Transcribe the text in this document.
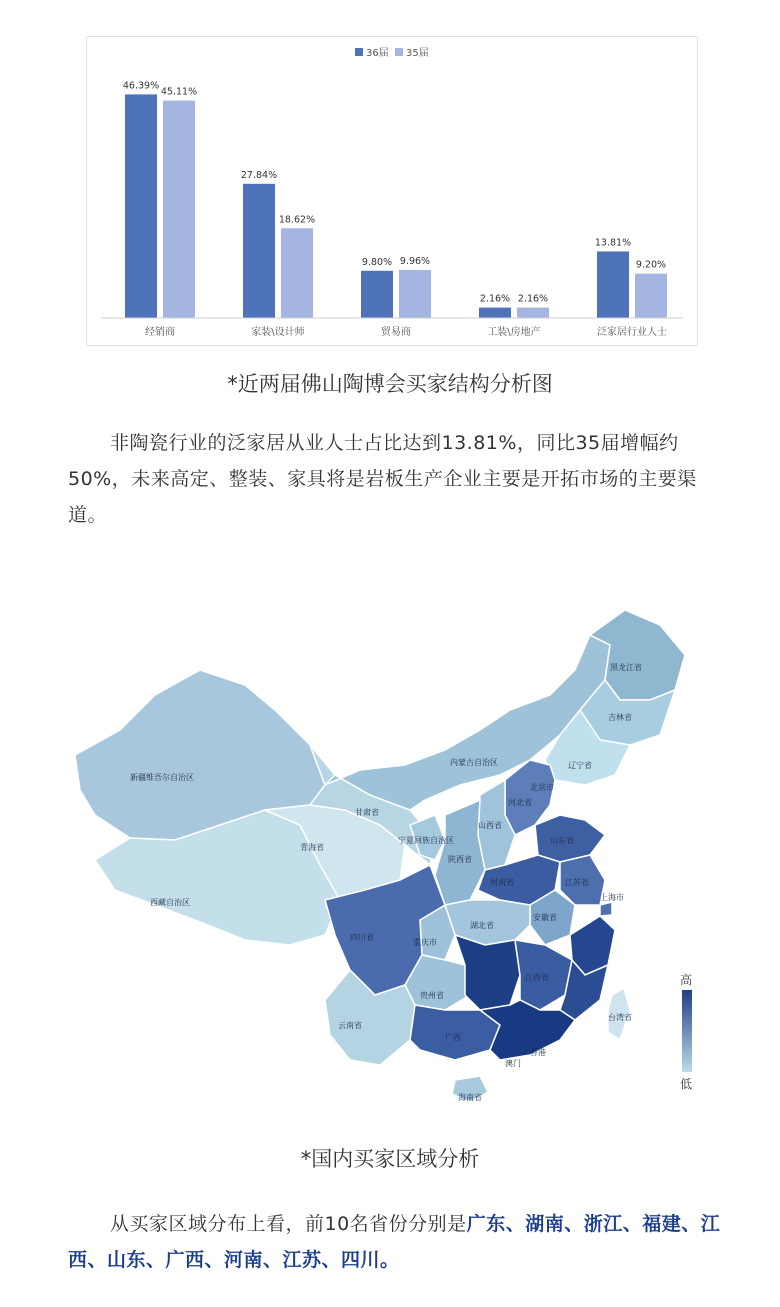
36届 35届
46.39%
45.11%
经销商
27.84%
18.62%
家装\设计师
9.80% 9.96%
贸易商
2.16% 2.16%
工装\房地产
13.81%
9.20%
泛家居行业人士
*近两届佛山陶博会买家结构分析图
非陶瓷行业的泛家居从业人士占比达到13.81%，同比35届增幅约50%，未来高定、整装、家具将是岩板生产企业主要是开拓市场的主要渠道。
黑龙江省
吉林省
辽宁省
内蒙古自治区
新疆维吾尔自治区
西藏自治区
青海省
甘肃省
宁夏回族自治区
陕西省
山西省
河北省
北京市
山东省
河南省	江苏省
安徽省
上海市
四川省
重庆市
湖北省
贵州省
云南省
江西省
广西
台湾省
香港
澳门
海南省
高
低
*国内买家区域分析
从买家区域分布上看，前10名省份分别是广东、湖南、浙江、福建、江西、山东、广西、河南、江苏、四川。
